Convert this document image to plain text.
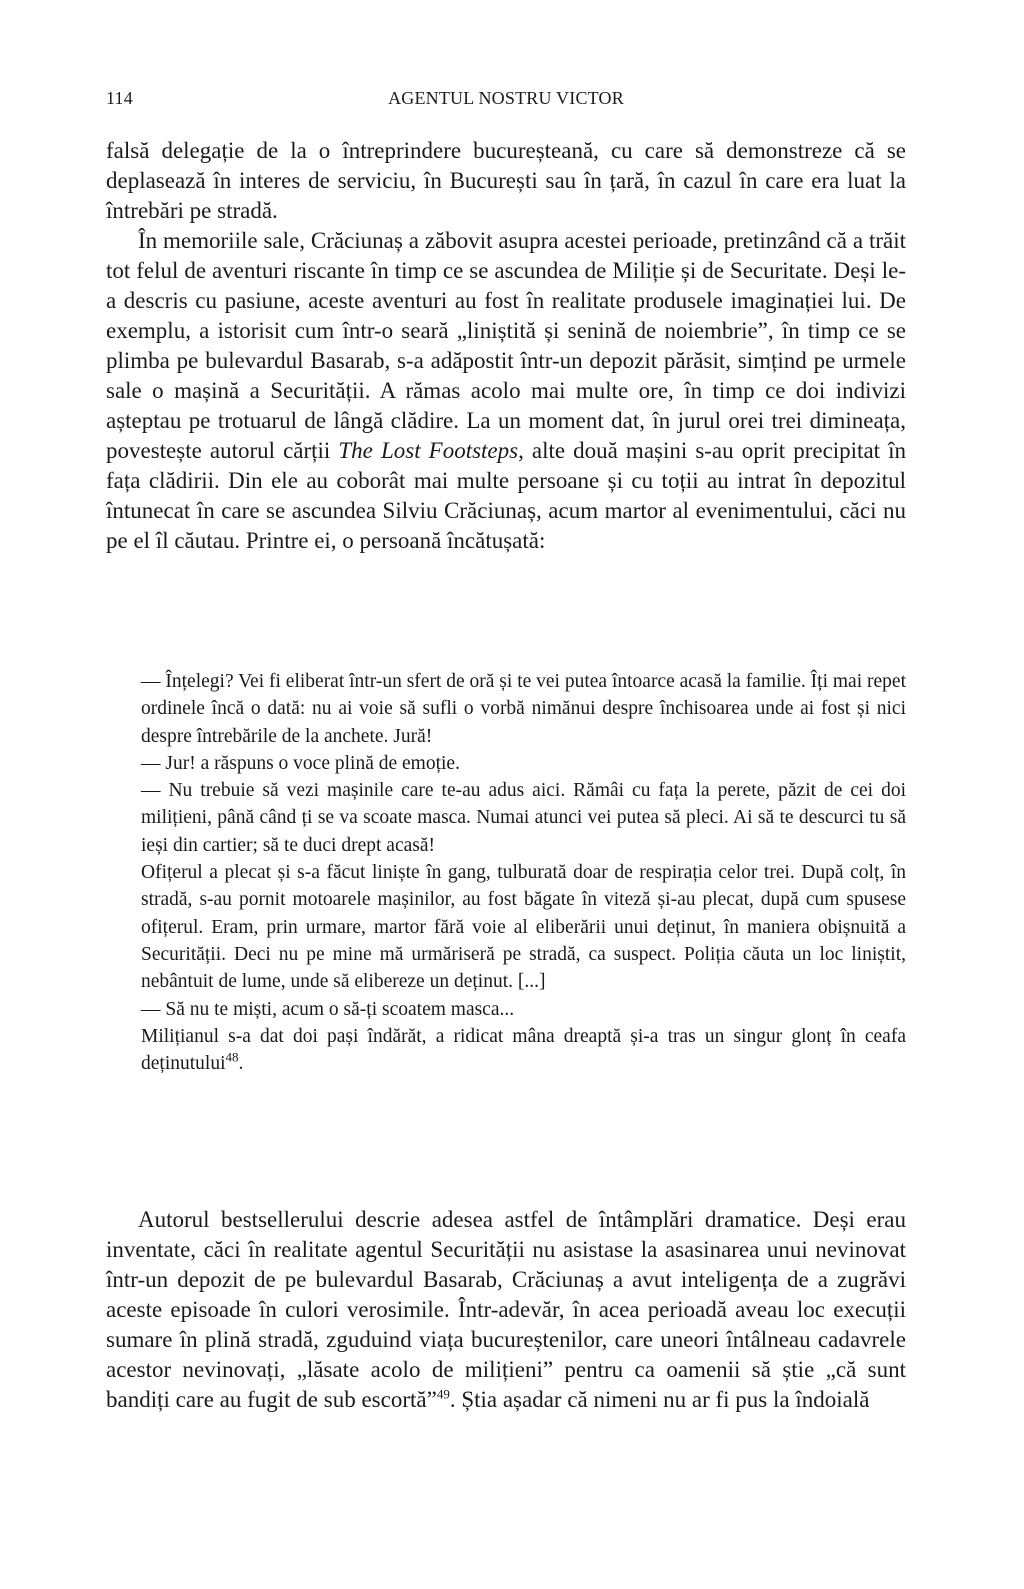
114	AGENTUL NOSTRU VICTOR

falsă delegație de la o întreprindere bucureșteană, cu care să demonstreze că se deplasează în interes de serviciu, în București sau în țară, în cazul în care era luat la întrebări pe stradă.

În memoriile sale, Crăciunaș a zăbovit asupra acestei perioade, pretinzând că a trăit tot felul de aventuri riscante în timp ce se ascundea de Miliție și de Securitate. Deși le-a descris cu pasiune, aceste aventuri au fost în realitate produsele imaginației lui. De exemplu, a istorisit cum într-o seară „liniștită și senină de noiembrie”, în timp ce se plimba pe bulevardul Basarab, s-a adăpostit într-un depozit părăsit, simțind pe urmele sale o mașină a Securității. A rămas acolo mai multe ore, în timp ce doi indivizi așteptau pe trotuarul de lângă clădire. La un moment dat, în jurul orei trei dimineața, povestește autorul cărții The Lost Footsteps, alte două mașini s-au oprit precipitat în fața clădirii. Din ele au coborât mai multe persoane și cu toții au intrat în depozitul întunecat în care se ascundea Silviu Crăciunaș, acum martor al evenimentului, căci nu pe el îl căutau. Printre ei, o persoană încătușată:

— Înțelegi? Vei fi eliberat într-un sfert de oră și te vei putea întoarce acasă la familie. Îți mai repet ordinele încă o dată: nu ai voie să sufli o vorbă nimănui despre închisoarea unde ai fost și nici despre întrebările de la anchete. Jură!

— Jur! a răspuns o voce plină de emoție.

— Nu trebuie să vezi mașinile care te-au adus aici. Rămâi cu fața la perete, păzit de cei doi milițieni, până când ți se va scoate masca. Numai atunci vei putea să pleci. Ai să te descurci tu să ieși din cartier; să te duci drept acasă!

Ofițerul a plecat și s-a făcut liniște în gang, tulburată doar de respirația celor trei. După colț, în stradă, s-au pornit motoarele mașinilor, au fost băgate în viteză și-au plecat, după cum spusese ofițerul. Eram, prin urmare, martor fără voie al eliberării unui deținut, în maniera obișnuită a Securității. Deci nu pe mine mă urmăriseră pe stradă, ca suspect. Poliția căuta un loc liniștit, nebântuit de lume, unde să elibereze un deținut. [...]

— Să nu te miști, acum o să-ți scoatem masca...

Milițianul s-a dat doi pași îndărăt, a ridicat mâna dreaptă și-a tras un singur glonț în ceafa deținutului$^{48}$.

Autorul bestsellerului descrie adesea astfel de întâmplări dramatice. Deși erau inventate, căci în realitate agentul Securității nu asistase la asasinarea unui nevinovat într-un depozit de pe bulevardul Basarab, Crăciunaș a avut inteligența de a zugrăvi aceste episoade în culori verosimile. Într-adevăr, în acea perioadă aveau loc execuții sumare în plină stradă, zguduind viața bucureștenilor, care uneori întâlneau cadavrele acestor nevinovați, „lăsate acolo de milițieni” pentru ca oamenii să știe „că sunt bandiți care au fugit de sub escortă”$^{49}$. Știa așadar că nimeni nu ar fi pus la îndoială
